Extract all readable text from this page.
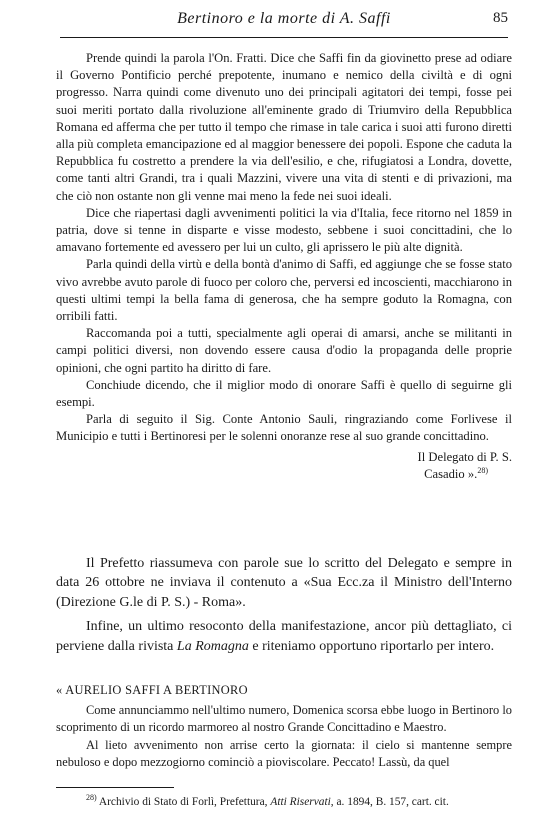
Bertinoro e la morte di A. Saffi	85

Prende quindi la parola l'On. Fratti. Dice che Saffi fin da giovinetto prese ad odiare il Governo Pontificio perché prepotente, inumano e nemico della civiltà e di ogni progresso. Narra quindi come divenuto uno dei principali agitatori dei tempi, fosse pei suoi meriti portato dalla rivoluzione all'eminente grado di Triumviro della Repubblica Romana ed afferma che per tutto il tempo che rimase in tale carica i suoi atti furono diretti alla più completa emancipazione ed al maggior benessere dei popoli. Espone che caduta la Repubblica fu costretto a prendere la via dell'esilio, e che, rifugiatosi a Londra, dovette, come tanti altri Grandi, tra i quali Mazzini, vivere una vita di stenti e di privazioni, ma che ciò non ostante non gli venne mai meno la fede nei suoi ideali.

Dice che riapertasi dagli avvenimenti politici la via d'Italia, fece ritorno nel 1859 in patria, dove si tenne in disparte e visse modesto, sebbene i suoi concittadini, che lo amavano fortemente ed avessero per lui un culto, gli aprissero le più alte dignità.

Parla quindi della virtù e della bontà d'animo di Saffi, ed aggiunge che se fosse stato vivo avrebbe avuto parole di fuoco per coloro che, perversi ed incoscienti, macchiarono in questi ultimi tempi la bella fama di generosa, che ha sempre goduto la Romagna, con orribili fatti.

Raccomanda poi a tutti, specialmente agli operai di amarsi, anche se militanti in campi politici diversi, non dovendo essere causa d'odio la propaganda delle proprie opinioni, che ogni partito ha diritto di fare.

Conchiude dicendo, che il miglior modo di onorare Saffi è quello di seguirne gli esempi.

Parla di seguito il Sig. Conte Antonio Sauli, ringraziando come Forlivese il Municipio e tutti i Bertinoresi per le solenni onoranze rese al suo grande concittadino.

Il Delegato di P. S.
Casadio ».$^{28)}$

Il Prefetto riassumeva con parole sue lo scritto del Delegato e sempre in data 26 ottobre ne inviava il contenuto a «Sua Ecc.za il Ministro dell'Interno (Direzione G.le di P. S.) - Roma».

Infine, un ultimo resoconto della manifestazione, ancor più dettagliato, ci perviene dalla rivista La Romagna e riteniamo opportuno riportarlo per intero.

« AURELIO SAFFI A BERTINORO

Come annunciammo nell'ultimo numero, Domenica scorsa ebbe luogo in Bertinoro lo scoprimento di un ricordo marmoreo al nostro Grande Concittadino e Maestro.

Al lieto avvenimento non arrise certo la giornata: il cielo si mantenne sempre nebuloso e dopo mezzogiorno cominciò a pioviscolare. Peccato! Lassù, da quel

$^{28)}$ Archivio di Stato di Forlì, Prefettura, Atti Riservati, a. 1894, B. 157, cart. cit.
